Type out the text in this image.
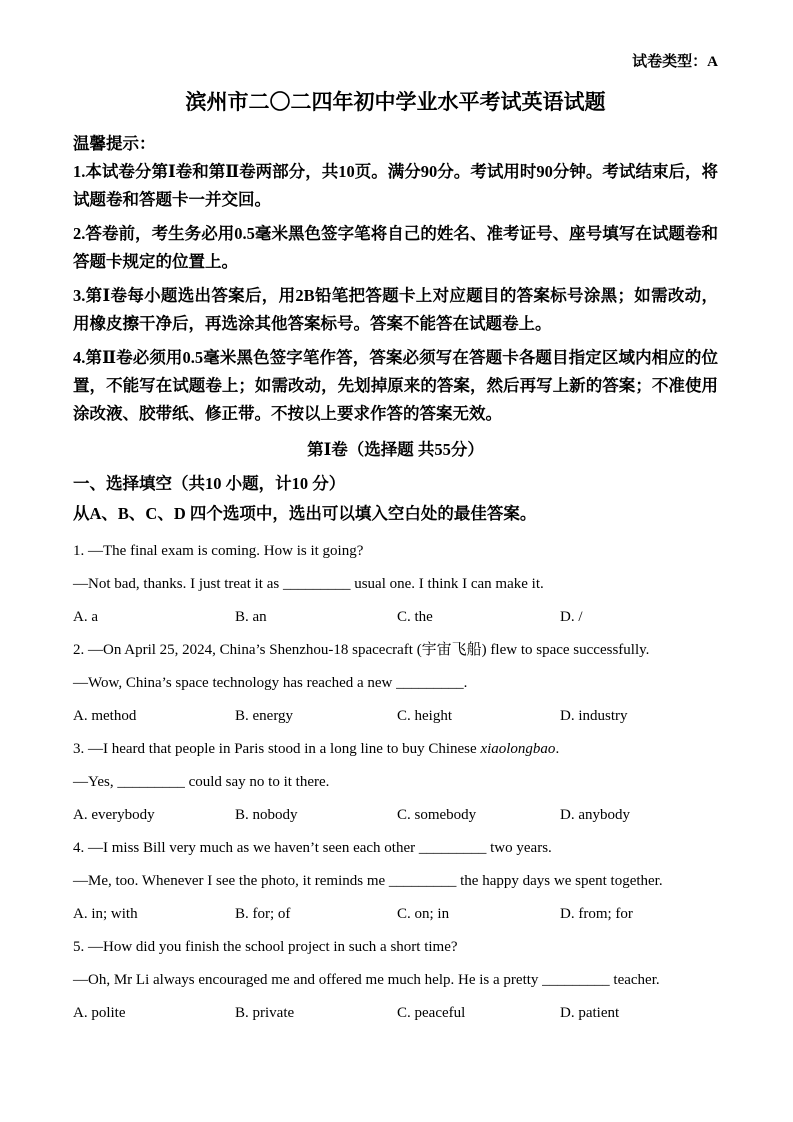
试卷类型：A
滨州市二〇二四年初中学业水平考试英语试题
温馨提示：
1.本试卷分第Ⅰ卷和第Ⅱ卷两部分，共10页。满分90分。考试用时90分钟。考试结束后，将试题卷和答题卡一并交回。
2.答卷前，考生务必用0.5毫米黑色签字笔将自己的姓名、准考证号、座号填写在试题卷和答题卡规定的位置上。
3.第Ⅰ卷每小题选出答案后，用2B铅笔把答题卡上对应题目的答案标号涂黑；如需改动，用橡皮擦干净后，再选涂其他答案标号。答案不能答在试题卷上。
4.第Ⅱ卷必须用0.5毫米黑色签字笔作答，答案必须写在答题卡各题目指定区域内相应的位置，不能写在试题卷上；如需改动，先划掉原来的答案，然后再写上新的答案；不准使用涂改液、胶带纸、修正带。不按以上要求作答的答案无效。
第Ⅰ卷（选择题 共55分）
一、选择填空（共10 小题，计10 分）
从A、B、C、D 四个选项中，选出可以填入空白处的最佳答案。
1. —The final exam is coming. How is it going?
—Not bad, thanks. I just treat it as _________ usual one. I think I can make it.
A. a	B. an	C. the	D. /
2. —On April 25, 2024, China’s Shenzhou-18 spacecraft (宇宙飞船) flew to space successfully.
—Wow, China’s space technology has reached a new _________.
A. method	B. energy	C. height	D. industry
3. —I heard that people in Paris stood in a long line to buy Chinese xiaolongbao.
—Yes, _________ could say no to it there.
A. everybody	B. nobody	C. somebody	D. anybody
4. —I miss Bill very much as we haven’t seen each other _________ two years.
—Me, too. Whenever I see the photo, it reminds me _________ the happy days we spent together.
A. in; with	B. for; of	C. on; in	D. from; for
5. —How did you finish the school project in such a short time?
—Oh, Mr Li always encouraged me and offered me much help. He is a pretty _________ teacher.
A. polite	B. private	C. peaceful	D. patient
